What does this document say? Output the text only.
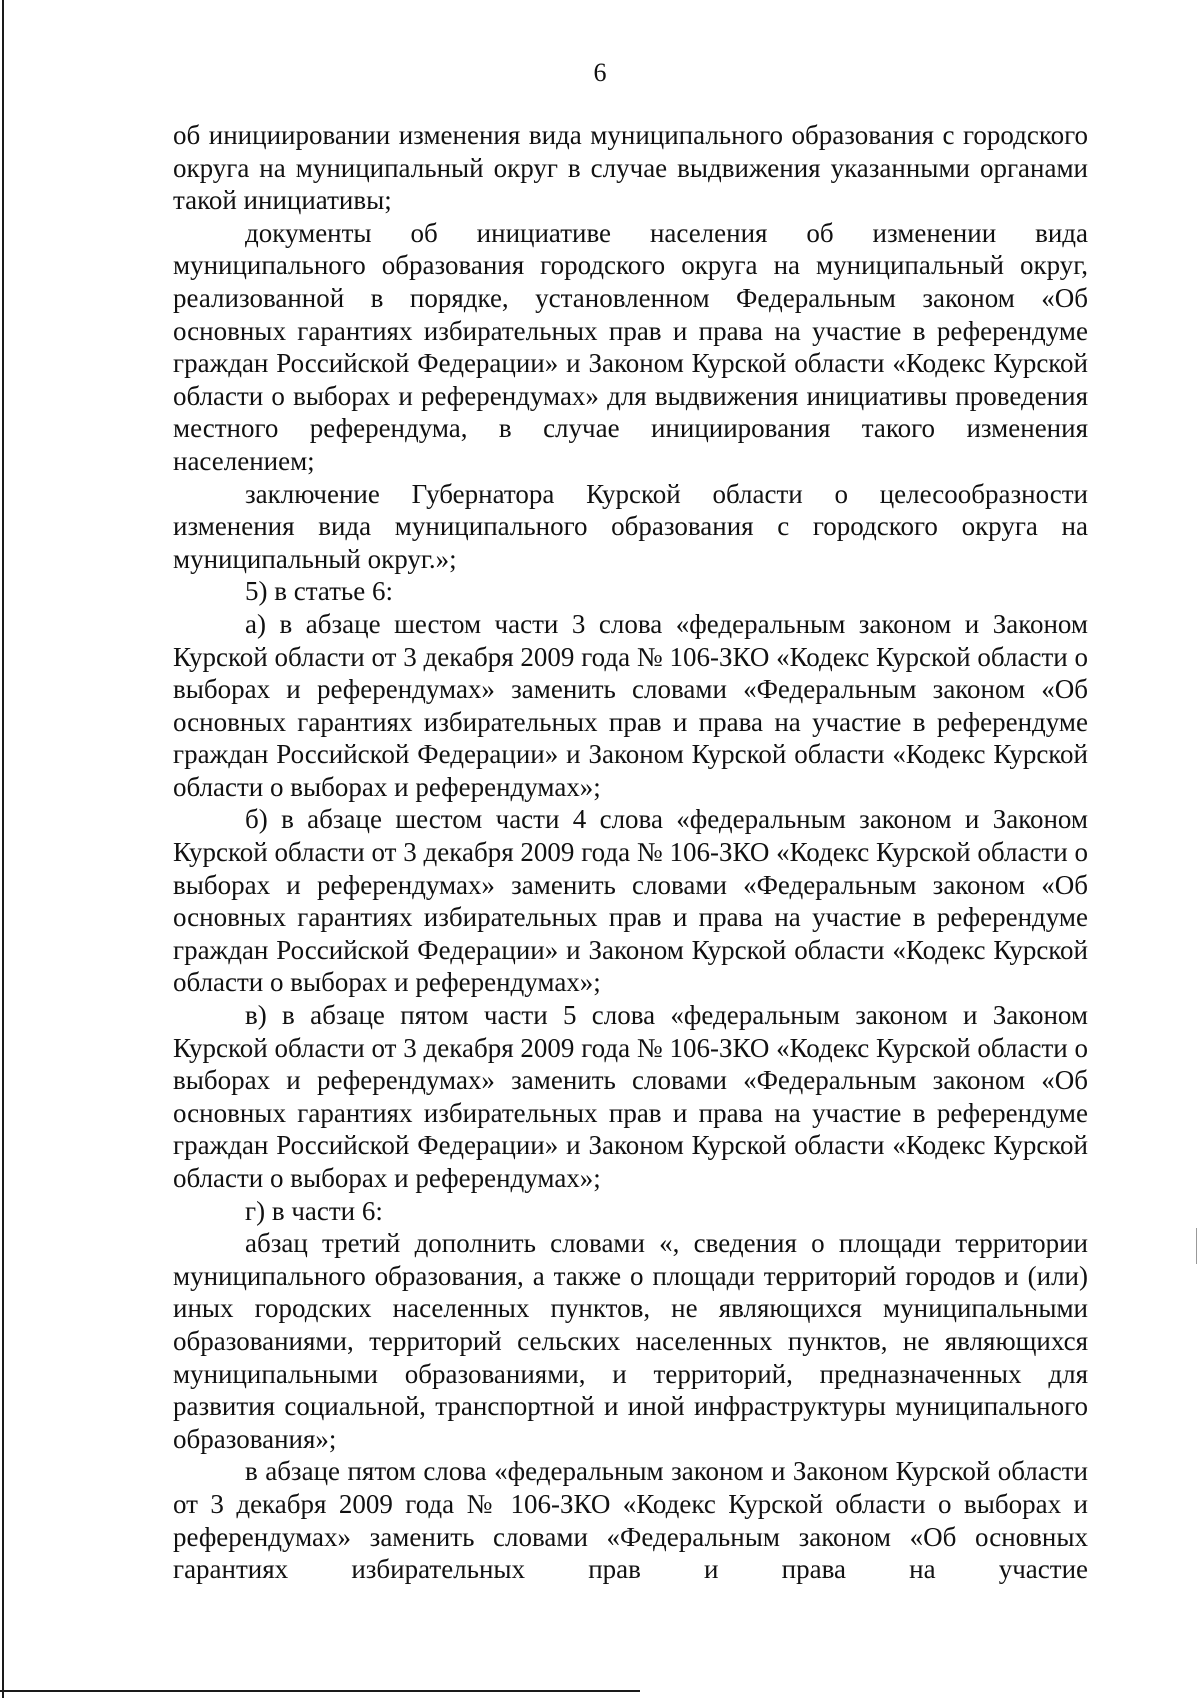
6

об инициировании изменения вида муниципального образования с городского округа на муниципальный округ в случае выдвижения указанными органами такой инициативы;

документы об инициативе населения об изменении вида муниципального образования городского округа на муниципальный округ, реализованной в порядке, установленном Федеральным законом «Об основных гарантиях избирательных прав и права на участие в референдуме граждан Российской Федерации» и Законом Курской области «Кодекс Курской области о выборах и референдумах» для выдвижения инициативы проведения местного референдума, в случае инициирования такого изменения населением;

заключение Губернатора Курской области о целесообразности изменения вида муниципального образования с городского округа на муниципальный округ.»;

5) в статье 6:

а) в абзаце шестом части 3 слова «федеральным законом и Законом Курской области от 3 декабря 2009 года № 106-ЗКО «Кодекс Курской области о выборах и референдумах» заменить словами «Федеральным законом «Об основных гарантиях избирательных прав и права на участие в референдуме граждан Российской Федерации» и Законом Курской области «Кодекс Курской области о выборах и референдумах»;

б) в абзаце шестом части 4 слова «федеральным законом и Законом Курской области от 3 декабря 2009 года № 106-ЗКО «Кодекс Курской области о выборах и референдумах» заменить словами «Федеральным законом «Об основных гарантиях избирательных прав и права на участие в референдуме граждан Российской Федерации» и Законом Курской области «Кодекс Курской области о выборах и референдумах»;

в) в абзаце пятом части 5 слова «федеральным законом и Законом Курской области от 3 декабря 2009 года № 106-ЗКО «Кодекс Курской области о выборах и референдумах» заменить словами «Федеральным законом «Об основных гарантиях избирательных прав и права на участие в референдуме граждан Российской Федерации» и Законом Курской области «Кодекс Курской области о выборах и референдумах»;

г) в части 6:

абзац третий дополнить словами «, сведения о площади территории муниципального образования, а также о площади территорий городов и (или) иных городских населенных пунктов, не являющихся муниципальными образованиями, территорий сельских населенных пунктов, не являющихся муниципальными образованиями, и территорий, предназначенных для развития социальной, транспортной и иной инфраструктуры муниципального образования»;

в абзаце пятом слова «федеральным законом и Законом Курской области от 3 декабря 2009 года № 106-ЗКО «Кодекс Курской области о выборах и референдумах» заменить словами «Федеральным законом «Об основных гарантиях избирательных прав и права на участие
